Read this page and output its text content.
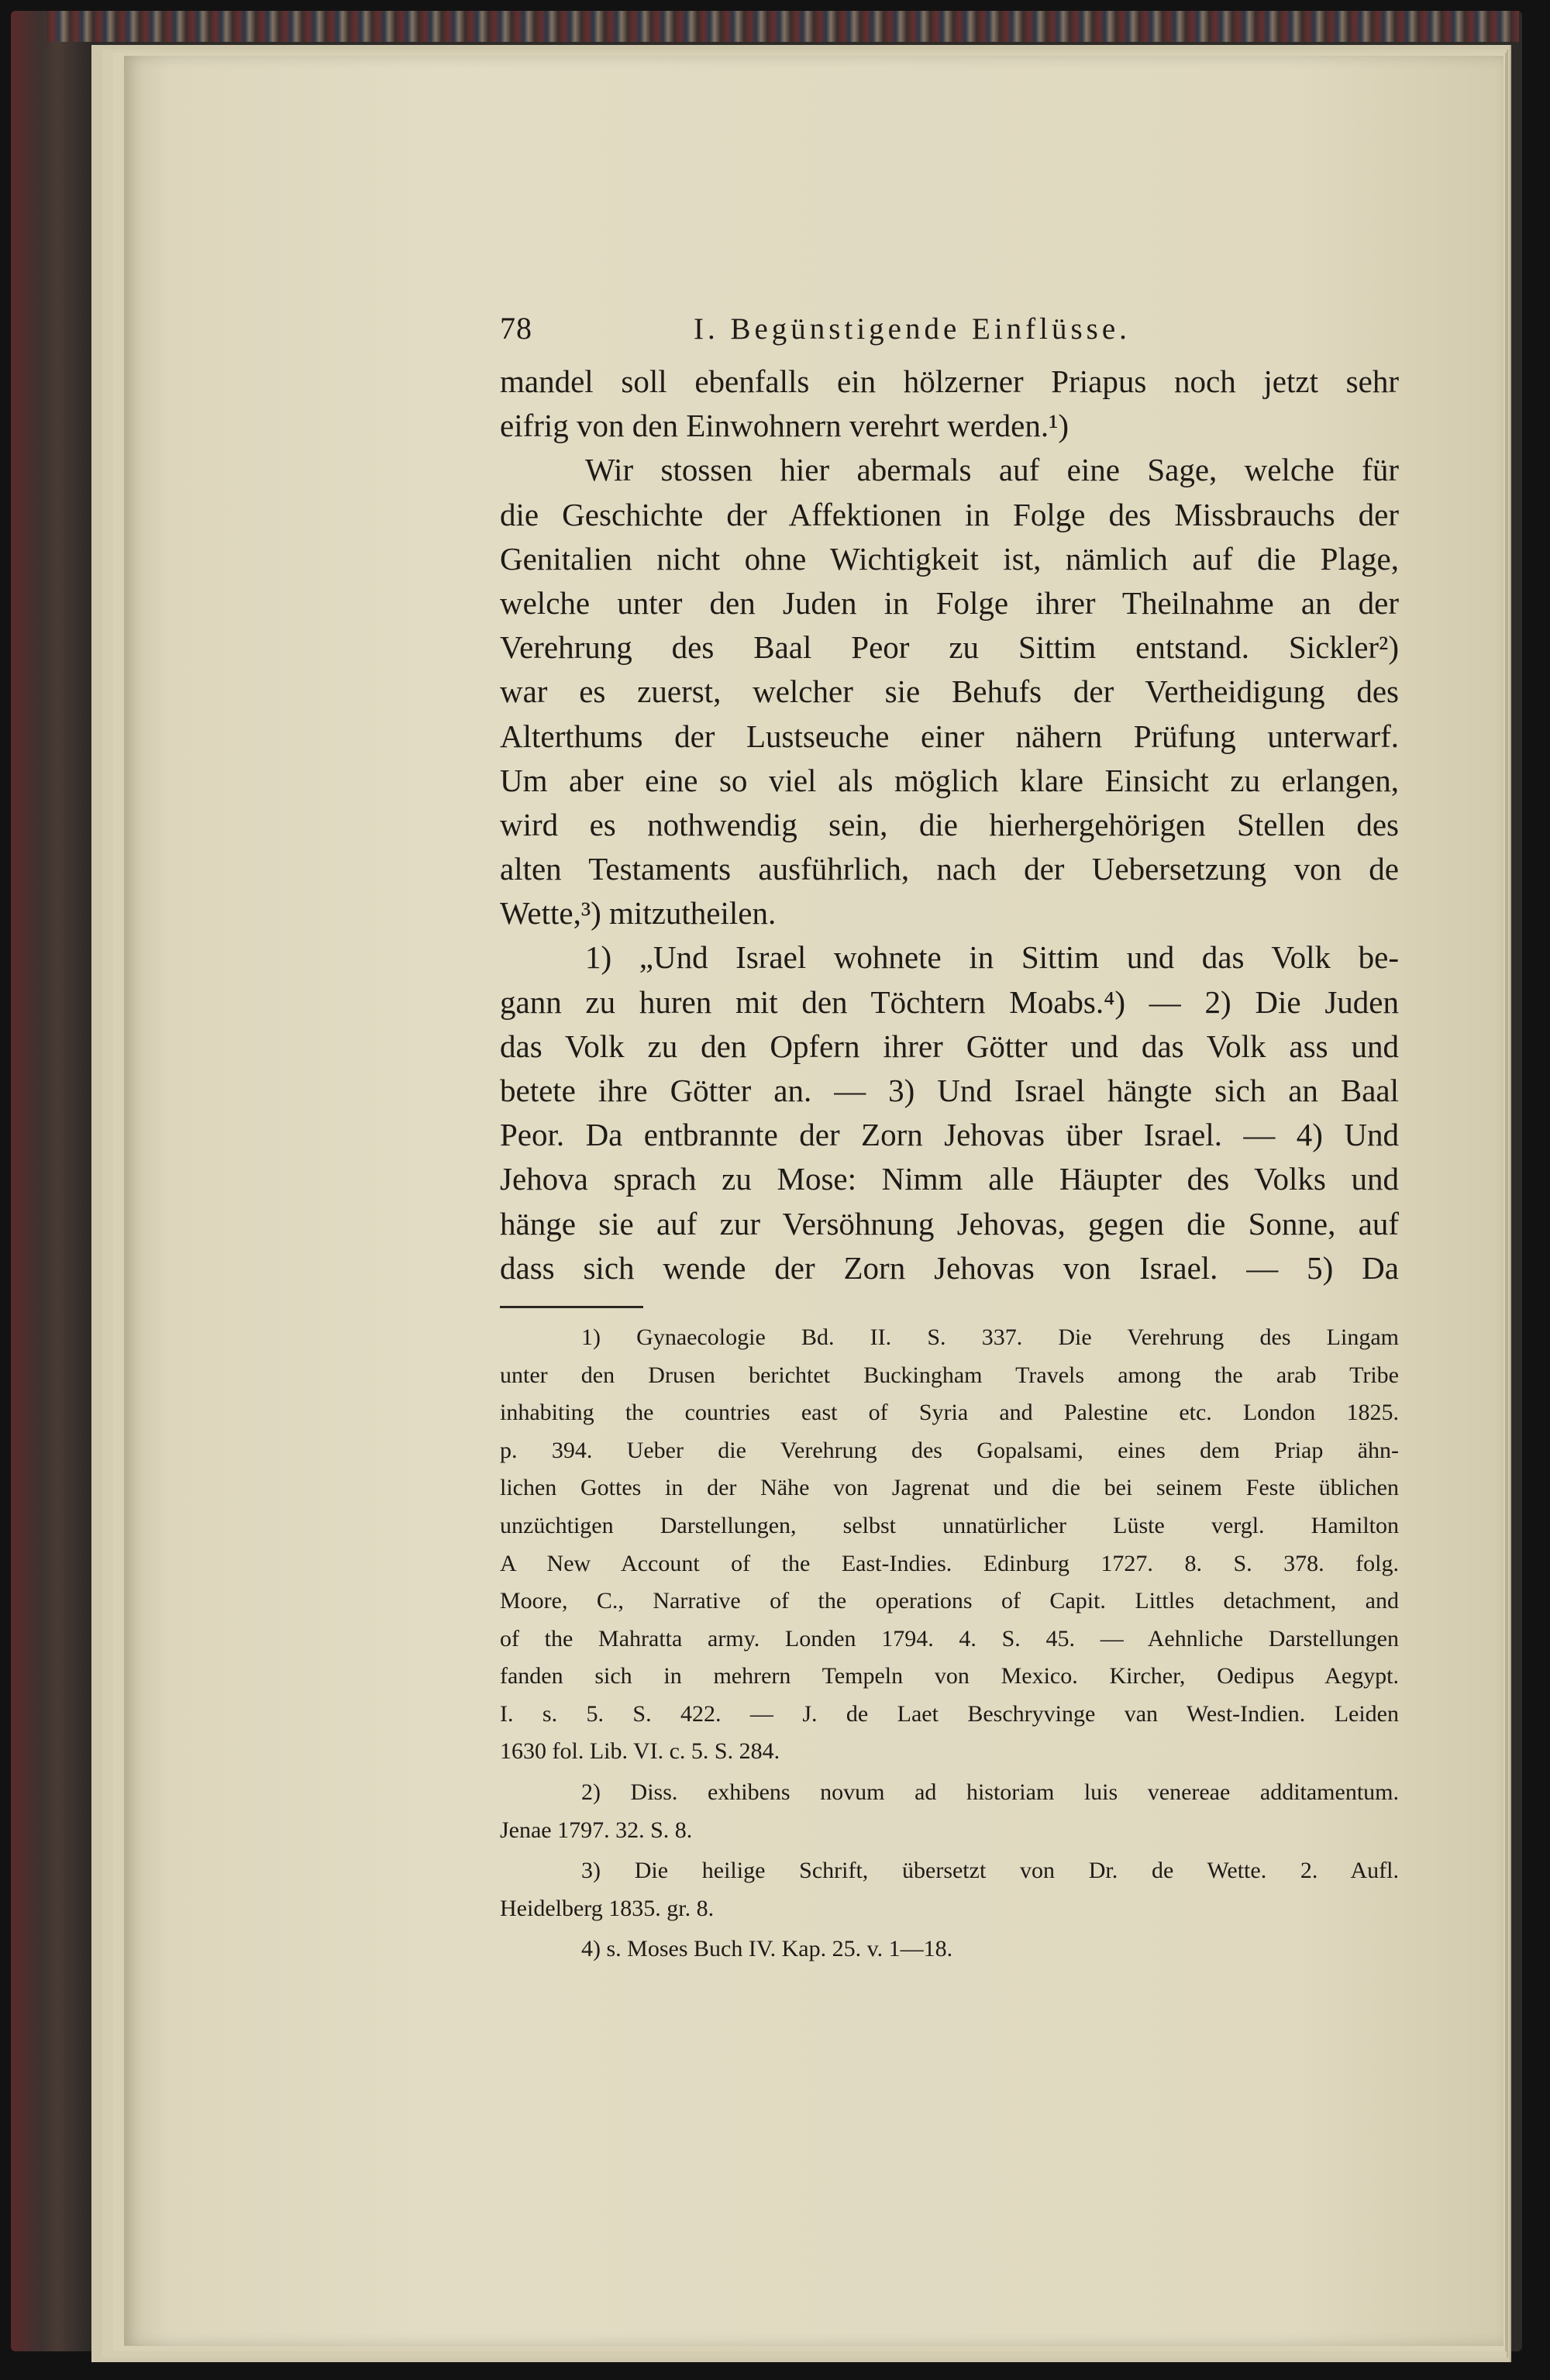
78	I. Begünstigende Einflüsse.
mandel soll ebenfalls ein hölzerner Priapus noch jetzt sehr
eifrig von den Einwohnern verehrt werden.¹)
Wir stossen hier abermals auf eine Sage, welche für
die Geschichte der Affektionen in Folge des Missbrauchs der
Genitalien nicht ohne Wichtigkeit ist, nämlich auf die Plage,
welche unter den Juden in Folge ihrer Theilnahme an der
Verehrung des Baal Peor zu Sittim entstand. Sickler²)
war es zuerst, welcher sie Behufs der Vertheidigung des
Alterthums der Lustseuche einer nähern Prüfung unterwarf.
Um aber eine so viel als möglich klare Einsicht zu erlangen,
wird es nothwendig sein, die hierhergehörigen Stellen des
alten Testaments ausführlich, nach der Uebersetzung von de
Wette,³) mitzutheilen.
1) „Und Israel wohnete in Sittim und das Volk be-
gann zu huren mit den Töchtern Moabs.⁴) — 2) Die Juden
das Volk zu den Opfern ihrer Götter und das Volk ass und
betete ihre Götter an. — 3) Und Israel hängte sich an Baal
Peor. Da entbrannte der Zorn Jehovas über Israel. — 4) Und
Jehova sprach zu Mose: Nimm alle Häupter des Volks und
hänge sie auf zur Versöhnung Jehovas, gegen die Sonne, auf
dass sich wende der Zorn Jehovas von Israel. — 5) Da
1) Gynaecologie Bd. II. S. 337. Die Verehrung des Lingam
unter den Drusen berichtet Buckingham Travels among the arab Tribe
inhabiting the countries east of Syria and Palestine etc. London 1825.
p. 394. Ueber die Verehrung des Gopalsami, eines dem Priap ähn-
lichen Gottes in der Nähe von Jagrenat und die bei seinem Feste üblichen
unzüchtigen Darstellungen, selbst unnatürlicher Lüste vergl. Hamilton
A New Account of the East-Indies. Edinburg 1727. 8. S. 378. folg.
Moore, C., Narrative of the operations of Capit. Littles detachment, and
of the Mahratta army. Londen 1794. 4. S. 45. — Aehnliche Darstellungen
fanden sich in mehrern Tempeln von Mexico. Kircher, Oedipus Aegypt.
I. s. 5. S. 422. — J. de Laet Beschryvinge van West-Indien. Leiden
1630 fol. Lib. VI. c. 5. S. 284.
2) Diss. exhibens novum ad historiam luis venereae additamentum.
Jenae 1797. 32. S. 8.
3) Die heilige Schrift, übersetzt von Dr. de Wette. 2. Aufl.
Heidelberg 1835. gr. 8.
4) s. Moses Buch IV. Kap. 25. v. 1—18.
